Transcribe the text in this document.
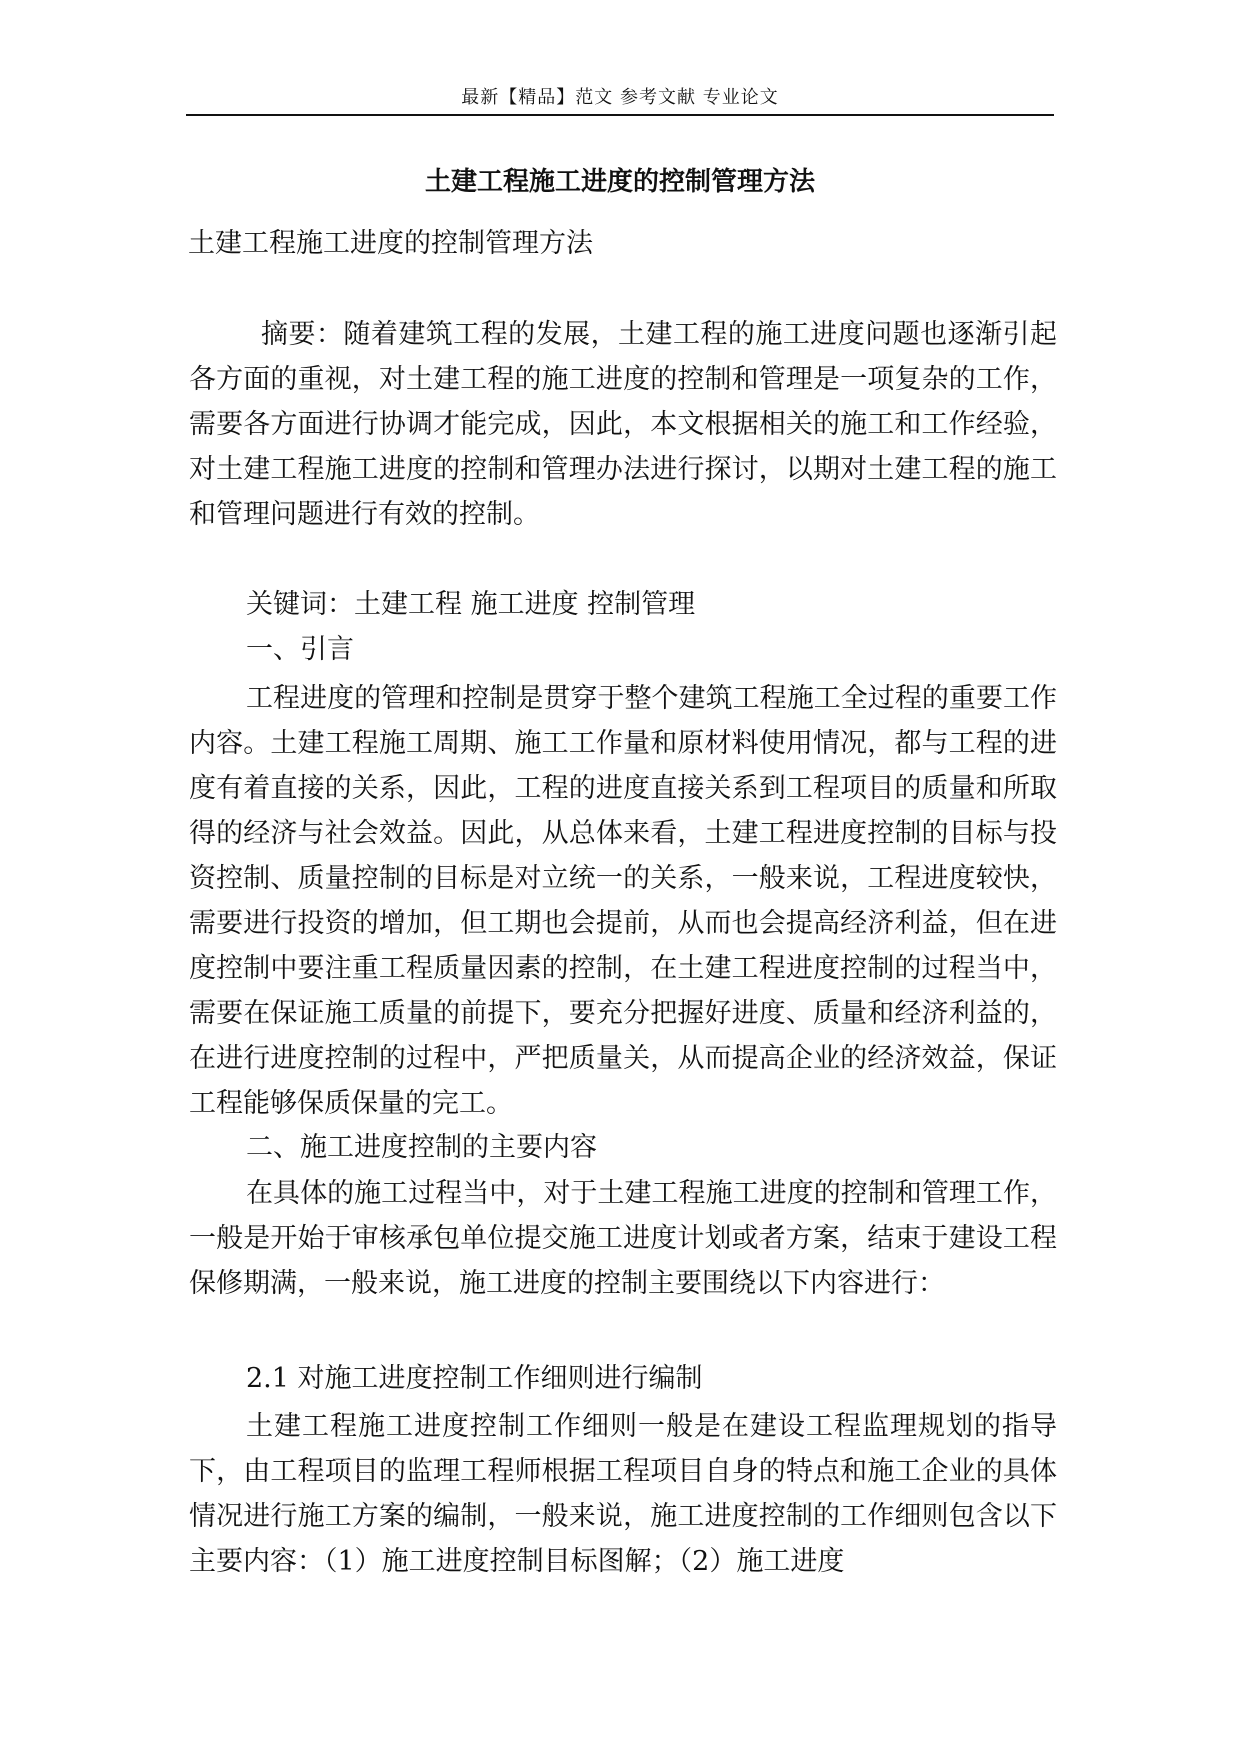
最新【精品】范文 参考文献 专业论文
土建工程施工进度的控制管理方法
土建工程施工进度的控制管理方法
摘要：随着建筑工程的发展，土建工程的施工进度问题也逐渐引起各方面的重视，对土建工程的施工进度的控制和管理是一项复杂的工作，需要各方面进行协调才能完成，因此，本文根据相关的施工和工作经验，对土建工程施工进度的控制和管理办法进行探讨，以期对土建工程的施工和管理问题进行有效的控制。
关键词：土建工程 施工进度 控制管理
一、引言
工程进度的管理和控制是贯穿于整个建筑工程施工全过程的重要工作内容。土建工程施工周期、施工工作量和原材料使用情况，都与工程的进度有着直接的关系，因此，工程的进度直接关系到工程项目的质量和所取得的经济与社会效益。因此，从总体来看，土建工程进度控制的目标与投资控制、质量控制的目标是对立统一的关系，一般来说，工程进度较快，需要进行投资的增加，但工期也会提前，从而也会提高经济利益，但在进度控制中要注重工程质量因素的控制，在土建工程进度控制的过程当中，需要在保证施工质量的前提下，要充分把握好进度、质量和经济利益的，在进行进度控制的过程中，严把质量关，从而提高企业的经济效益，保证工程能够保质保量的完工。
二、施工进度控制的主要内容
在具体的施工过程当中，对于土建工程施工进度的控制和管理工作，一般是开始于审核承包单位提交施工进度计划或者方案，结束于建设工程保修期满，一般来说，施工进度的控制主要围绕以下内容进行：
2.1 对施工进度控制工作细则进行编制
土建工程施工进度控制工作细则一般是在建设工程监理规划的指导下，由工程项目的监理工程师根据工程项目自身的特点和施工企业的具体情况进行施工方案的编制，一般来说，施工进度控制的工作细则包含以下主要内容：（1）施工进度控制目标图解；（2）施工进度
